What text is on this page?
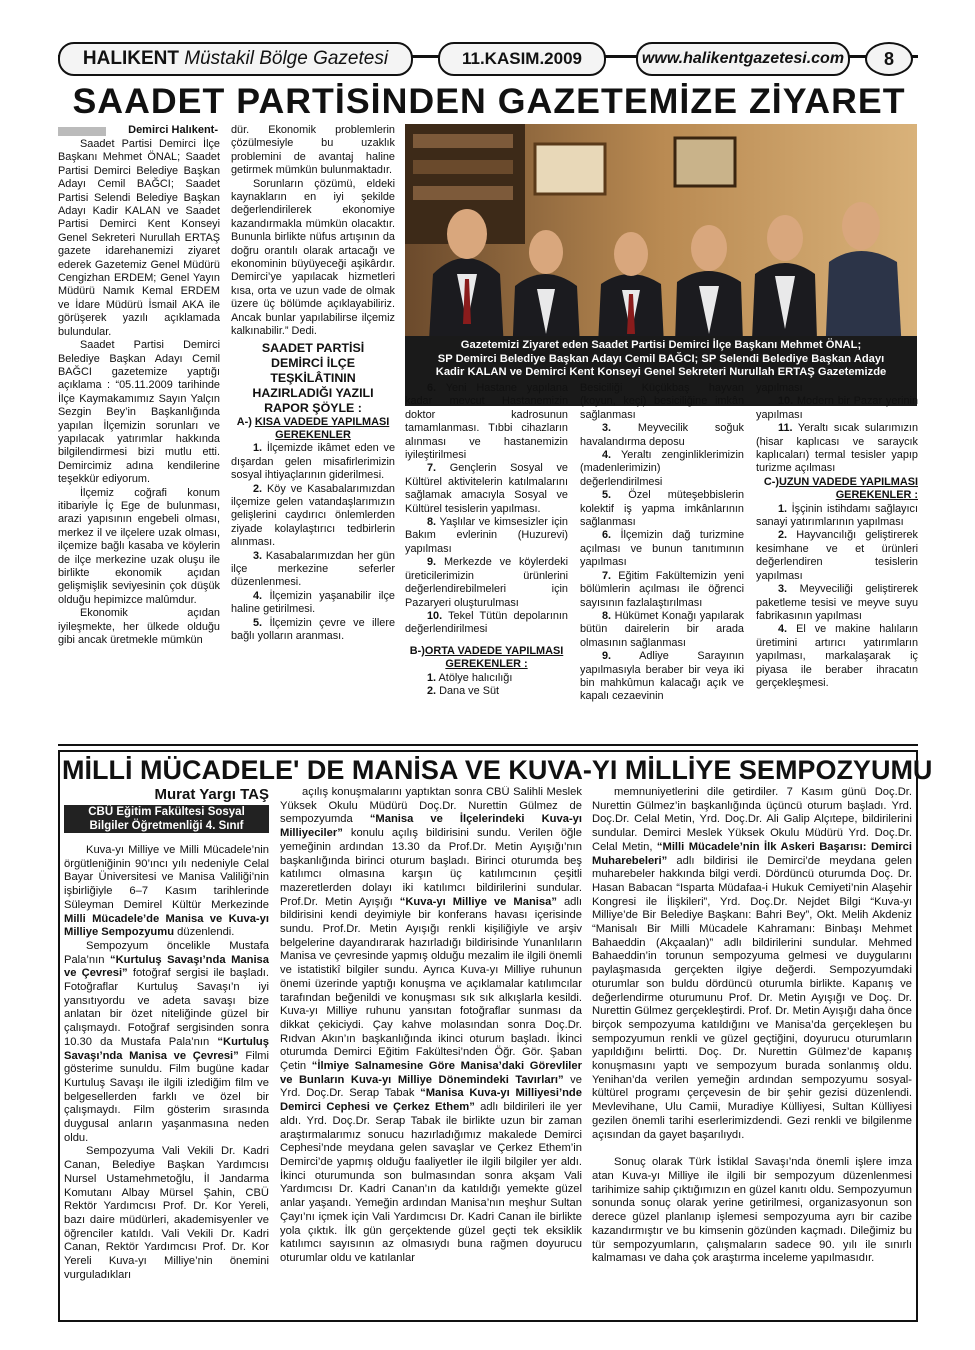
HALIKENT
Müstakil Bölge Gazetesi	11.KASIM.2009	www.halikentgazetesi.com	8
SAADET PARTİSİNDEN GAZETEMİZE ZİYARET
Demirci Halıkent-

Saadet Partisi Demirci İlçe Başkanı Mehmet ÖNAL; Saadet Partisi Demirci Belediye Başkan Adayı Cemil BAĞCI; Saadet Partisi Selendi Belediye Başkan Adayı Kadir KALAN ve Saadet Partisi Demirci Kent Konseyi Genel Sekreteri Nurullah ERTAŞ gazete idarehanemizi ziyaret ederek Gazetemiz Genel Müdürü Cengizhan ERDEM; Genel Yayın Müdürü Namık Kemal ERDEM ve İdare Müdürü İsmail AKA ile görüşerek yazılı açıklamada bulundular.

Saadet Partisi Demirci Belediye Başkan Adayı Cemil BAĞCI gazetemize yaptığı açıklama : “05.11.2009 tarihinde İlçe Kaymakamımız Sayın Yalçın Sezgin Bey’in Başkanlığında yapılan İlçemizin sorunları ve yapılacak yatırımlar hakkında bilgilendirmesi bizi mutlu etti. Demircimiz adına kendilerine teşekkür ediyorum.

İlçemiz coğrafi konum itibariyle İç Ege de bulunması, arazi yapısının engebeli olması, merkez il ve ilçelere uzak olması, ilçemize bağlı kasaba ve köylerin de ilçe merkezine uzak oluşu ile birlikte ekonomik açıdan gelişmişlik seviyesinin çok düşük olduğu hepimizce malûmdur.

Ekonomik açıdan iyileşmekte, her ülkede olduğu gibi ancak üretmekle mümkün

dür. Ekonomik problemlerin çözülmesiyle bu uzaklık problemini de avantaj haline getirmek mümkün bulunmaktadır.

Sorunların çözümü, eldeki kaynakların en iyi şekilde değerlendirilerek ekonomiye kazandırmakla mümkün olacaktır. Bununla birlikte nüfus artışının da doğru orantılı olarak artacağı ve ekonominin büyüyeceği aşikârdır. Demirci’ye yapılacak hizmetleri kısa, orta ve uzun vade de olmak üzere üç bölümde açıklayabiliriz. Ancak bunlar yapılabilirse ilçemiz kalkınabilir.” Dedi.

SAADET PARTİSİ

DEMİRCİ İLÇE

TEŞKİLÂTININ

HAZIRLADIĞI YAZILI

RAPOR ŞÖYLE :

A-) KISA VADEDE YAPILMASI GEREKENLER

1. İlçemizde ikâmet eden ve dışardan gelen misafirlerimizin sosyal ihtiyaçlarının giderilmesi.

2. Köy ve Kasabalarımızdan ilçemize gelen vatandaşlarımızın gelişlerini caydırıcı önlemlerden ziyade kolaylaştırıcı tedbirlerin alınması.

3. Kasabalarımızdan her gün ilçe merkezine seferler düzenlenmesi.

4. İlçemizin yaşanabilir ilçe haline getirilmesi.

5. İlçemizin çevre ve illere bağlı yolların aranması.

Gazetemizi Ziyaret eden Saadet Partisi Demirci İlçe Başkanı Mehmet ÖNAL;
SP Demirci Belediye Başkan Adayı Cemil BAĞCI; SP Selendi Belediye Başkan Adayı
Kadir KALAN ve Demirci Kent Konseyi Genel Sekreteri Nurullah ERTAŞ Gazetemizde

6. Yeni Hastane yapılana kadar mevcut Hastanemizin doktor kadrosunun tamamlanması. Tıbbi cihazların alınması ve hastanemizin iyileştirilmesi

7. Gençlerin Sosyal ve Kültürel aktivitelerin katılmalarını sağlamak amacıyla Sosyal ve Kültürel tesislerin yapılması.

8. Yaşlılar ve kimsesizler için Bakım evlerinin (Huzurevi) yapılması

9. Merkezde ve köylerdeki üreticilerimizin ürünlerini değerlendirebilmeleri için Pazaryeri oluşturulması

10. Tekel Tütün depolarının değerlendirilmesi

B-)ORTA VADEDE YAPILMASI GEREKENLER :

1. Atölye halıcılığı

2. Dana ve Süt

Besiciliği Küçükbaş hayvan (koyun, keçi) besiciliğine imkân sağlanması

3. Meyvecilik soğuk havalandırma deposu

4. Yeraltı zenginliklerimizin (madenlerimizin) değerlendirilmesi

5. Özel müteşebbislerin kolektif iş yapma imkânlarının sağlanması

6. İlçemizin dağ turizmine açılması ve bunun tanıtımının yapılması

7. Eğitim Fakültemizin yeni bölümlerin açılması ile öğrenci sayısının fazlalaştırılması

8. Hükümet Konağı yapılarak bütün dairelerin bir arada olmasının sağlanması

9.	Adliye Sarayının yapılmasıyla beraber bir veya iki bin mahkûmun kalacağı açık ve kapalı cezaevinin

yapılması

10. Modern bir Pazar yerinin yapılması

11. Yeraltı sıcak sularımızın (hisar kaplıcası ve saraycık kaplıcaları) termal tesisler yapıp turizme açılması

C-)UZUN VADEDE YAPILMASI GEREKENLER :

1. İşçinin istihdamı sağlayıcı sanayi yatırımlarının yapılması

2. Hayvancılığı geliştirerek kesimhane ve et ürünleri değerlendiren tesislerin yapılması

3. Meyveciliği geliştirerek paketleme tesisi ve meyve suyu fabrikasının yapılması

4. El ve makine halıların üretimini artırıcı yatırımların yapılması, markalaşarak iç piyasa ile beraber ihracatın gerçekleşmesi.

MİLLİ MÜCADELE' DE MANİSA VE KUVA-YI MİLLİYE SEMPOZYUMU
Murat Yargı TAŞ
CBÜ Eğitim Fakültesi Sosyal
Bilgiler Öğretmenliği 4. Sınıf

Kuva-yı Milliye ve Milli Mücadele’nin örgütleniğinin 90’ıncı yılı nedeniyle Celal Bayar Üniversitesi ve Manisa Valiliği’nin işbirliğiyle 6–7 Kasım tarihlerinde Süleyman Demirel Kültür Merkezinde Milli Mücadele’de Manisa ve Kuva-yı Milliye Sempozyumu düzenlendi.

Sempozyum öncelikle Mustafa Pala’nın “Kurtuluş Savaşı’nda Manisa ve Çevresi” fotoğraf sergisi ile başladı. Fotoğraflar Kurtuluş Savaşı’n iyi yansıtıyordu ve adeta savaşı bize anlatan bir özet niteliğinde güzel bir çalışmaydı. Fotoğraf sergisinden sonra 10.30 da Mustafa Pala’nın “Kurtuluş Savaşı’nda Manisa ve Çevresi” Filmi gösterime sunuldu. Film bugüne kadar Kurtuluş Savaşı ile ilgili izlediğim film ve belgesellerden farklı ve özel bir çalışmaydı. Film gösterim sırasında duygusal anların yaşanmasına neden oldu.

Sempozyuma Vali Vekili Dr. Kadri Canan, Belediye Başkan Yardımcısı Nursel Ustamehmetoğlu, İl Jandarma Komutanı Albay Mürsel Şahin, CBÜ Rektör Yardımcısı Prof. Dr. Kor Yereli, bazı daire müdürleri, akademisyenler ve öğrenciler katıldı. Vali Vekili Dr. Kadri Canan, Rektör Yardımcısı Prof. Dr. Kor Yereli Kuva-yı Milliye’nin önemini vurguladıkları

açılış konuşmalarını yaptıktan sonra CBÜ Salihli Meslek Yüksek Okulu Müdürü Doç.Dr. Nurettin Gülmez de sempozyumda “Manisa ve İlçelerindeki Kuva-yı Milliyeciler” konulu açılış bildirisini sundu. Verilen öğle yemeğinin ardından 13.30 da Prof.Dr. Metin Ayışığı’nın başkanlığında birinci oturum başladı. Birinci oturumda beş katılımcı olmasına karşın üç katılımcının çeşitli mazeretlerden dolayı iki katılımcı bildirilerini sundular. Prof.Dr. Metin Ayışığı “Kuva-yı Milliye ve Manisa” adlı bildirisini kendi deyimiyle bir konferans havası içerisinde sundu. Prof.Dr. Metin Ayışığı renkli kişiliğiyle ve arşiv belgelerine dayandırarak hazırladığı bildirisinde Yunanlıların Manisa ve çevresinde yapmış olduğu mezalim ile ilgili önemli ve istatistikî bilgiler sundu. Ayrıca Kuva-yı Milliye ruhunun önemi üzerinde yaptığı konuşma ve açıklamalar katılımcılar tarafından beğenildi ve konuşması sık sık alkışlarla kesildi. Kuva-yı Milliye ruhunu yansıtan fotoğraflar sunması da dikkat çekiciydi. Çay kahve molasından sonra Doç.Dr. Rıdvan Akın’ın başkanlığında ikinci oturum başladı. İkinci oturumda Demirci Eğitim Fakültesi’nden Öğr. Gör. Şaban Çetin “İlmiye Salnamesine Göre Manisa’daki Görevliler ve Bunların Kuva-yı Milliye Dönemindeki Tavırları” ve Yrd. Doç.Dr. Serap Tabak “Manisa Kuva-yı Milliyesi’nde Demirci Cephesi ve Çerkez Ethem” adlı bildirileri ile yer aldı. Yrd. Doç.Dr. Serap Tabak ile birlikte uzun bir zaman araştırmalarımız sonucu hazırladığımız makalede Demirci Cephesi’nde meydana gelen savaşlar ve Çerkez Ethem’in Demirci’de yapmış olduğu faaliyetler ile ilgili bilgiler yer aldı. İkinci oturumunda son bulmasından sonra akşam Vali Yardımcısı Dr. Kadri Canan’ın da katıldığı yemekte güzel anlar yaşandı. Yemeğin ardından Manisa’nın meşhur Sultan Çayı’nı içmek için Vali Yardımcısı Dr. Kadri Canan ile birlikte yola çıktık. İlk gün gerçektende güzel geçti tek eksiklik katılımcı sayısının az olmasıydı buna rağmen doyurucu oturumlar oldu ve katılanlar

memnuniyetlerini dile getirdiler. 7 Kasım günü Doç.Dr. Nurettin Gülmez’in başkanlığında üçüncü oturum başladı. Yrd. Doç.Dr. Celal Metin, Yrd. Doç.Dr. Ali Galip Alçıtepe, bildirilerini sundular. Demirci Meslek Yüksek Okulu Müdürü Yrd. Doç.Dr. Celal Metin, “Milli Mücadele’nin İlk Askeri Başarısı: Demirci Muharebeleri” adlı bildirisi ile Demirci’de meydana gelen muharebeler hakkında bilgi verdi. Dördüncü oturumda Doç. Dr. Hasan Babacan “Isparta Müdafaa-i Hukuk Cemiyeti’nin Alaşehir Kongresi ile İlişkileri”, Yrd. Doç.Dr. Nejdet Bilgi “Kuva-yı Milliye’de Bir Belediye Başkanı: Bahri Bey”, Okt. Melih Akdeniz “Manisalı Bir Milli Mücadele Kahramanı: Binbaşı Mehmet Bahaeddin (Akçaalan)” adlı bildirilerini sundular. Mehmed Bahaeddin’in torunun sempozyuma gelmesi ve duygularını paylaşmasıda gerçekten ilgiye değerdi. Sempozyumdaki oturumlar son buldu dördüncü oturumla birlikte. Kapanış ve değerlendirme oturumunu Prof. Dr. Metin Ayışığı ve Doç. Dr. Nurettin Gülmez gerçekleştirdi. Prof. Dr. Metin Ayışığı daha önce birçok sempozyuma katıldığını ve Manisa’da gerçekleşen bu sempozyumun renkli ve güzel geçtiğini, doyurucu oturumların yapıldığını belirtti. Doç. Dr. Nurettin Gülmez’de kapanış konuşmasını yaptı ve sempozyum burada sonlanmış oldu. Yenihan’da verilen yemeğin ardından sempozyumu sosyal-kültürel programı çerçevesin de bir şehir gezisi düzenlendi. Mevlevihane, Ulu Camii, Muradiye Külliyesi, Sultan Külliyesi gezilen önemli tarihi eserlerimizdendi. Gezi renkli ve bilgilenme açısından da gayet başarılıydı.

Sonuç olarak Türk İstiklal Savaşı’nda önemli işlere imza atan Kuva-yı Milliye ile ilgili bir sempozyum düzenlenmesi tarihimize sahip çıktığımızın en güzel kanıtı oldu. Sempozyumun sonunda sonuç olarak yerine getirilmesi, organizasyonun son derece güzel planlanıp işlemesi sempozyuma ayrı bir cazibe kazandırmıştır ve bu kimsenin gözünden kaçmadı. Dileğimiz bu tür sempozyumların, çalışmaların sadece 90. yılı ile sınırlı kalmaması ve daha çok araştırma inceleme yapılmasıdır.
